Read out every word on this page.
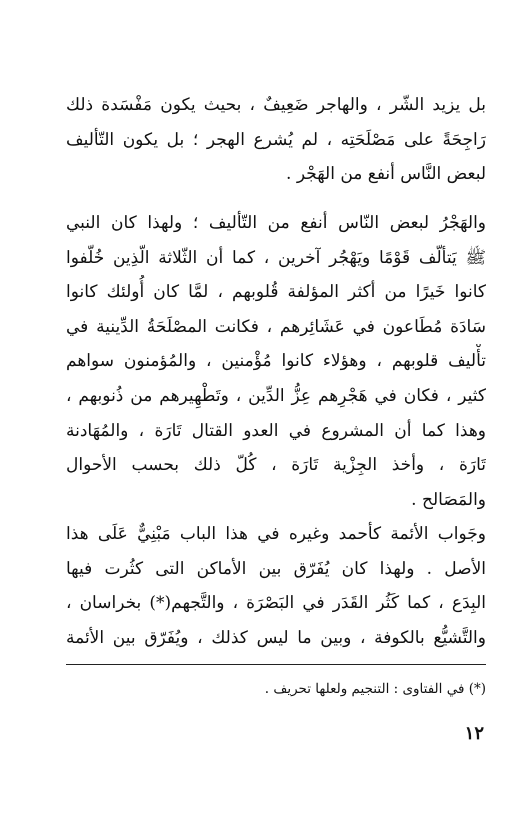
بل يزيد الشّر ، والهاجر ضَعِيفٌ ، بحيث يكون مَفْسَدة ذلك
رَاجِحَةً على مَصْلَحَتِه ، لم يُشرع الهجر ؛ بل يكون التّأليف
لبعض النَّاس أنفع من الهَجْر .
والهَجْرُ لبعض النّاس أنفع من التّأليف ؛ ولهذا كان النبي
ﷺ يَتألّف قَوْمًا ويَهْجُر آخرين ، كما أن الثّلاثة الّذِين خُلّفوا
كانوا خَيرًا من أكثر المؤلفة قُلوبهم ، لمَّا كان أُولئك كانوا
سَادَة مُطَاعون في عَشَائِرهم ، فكانت المصْلَحَةُ الدِّينية في
تأْليف قلوبهم ، وهؤلاء كانوا مُؤْمنين ، والمُؤمنون سواهم
كثير ، فكان في هَجْرِهم عِزُّ الدِّين ، وتَطْهِيرهم من ذُنوبهم ،
وهذا كما أن المشروع في العدو القتال تَارَة ، والمُهَادنة
تَارَة ، وأخذ الجِزْية تَارَة ، كُلّ ذلك بحسب الأحوال
والمَصَالح .
وجَواب الأئمة كأحمد وغيره في هذا الباب مَبْنِيٌّ عَلَى هذا
الأصل . ولهذا كان يُفَرّق بين الأماكن التى كثُرت فيها
البِدَع ، كما كَثُر القَدَر في البَصْرَة ، والتَّجهم(*) بخراسان ،
والتَّشيُّع بالكوفة ، وبين ما ليس كذلك ، ويُفَرّق بين الأئمة
(*) في الفتاوى : التنجيم ولعلها تحريف .
١٢
